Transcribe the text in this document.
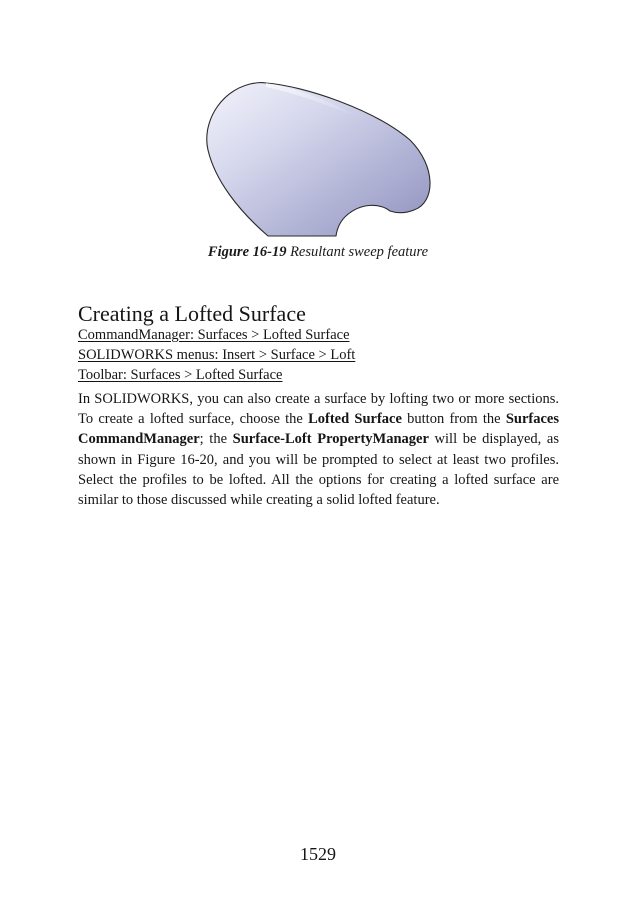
Figure 16-19 Resultant sweep feature
Creating a Lofted Surface
CommandManager: Surfaces > Lofted Surface
SOLIDWORKS menus: Insert > Surface > Loft
Toolbar: Surfaces > Lofted Surface

In SOLIDWORKS, you can also create a surface by lofting two or more sections. To create a lofted surface, choose the Lofted Surface button from the Surfaces CommandManager; the Surface-Loft PropertyManager will be displayed, as shown in Figure 16-20, and you will be prompted to select at least two profiles. Select the profiles to be lofted. All the options for creating a lofted surface are similar to those discussed while creating a solid lofted feature.

1529
